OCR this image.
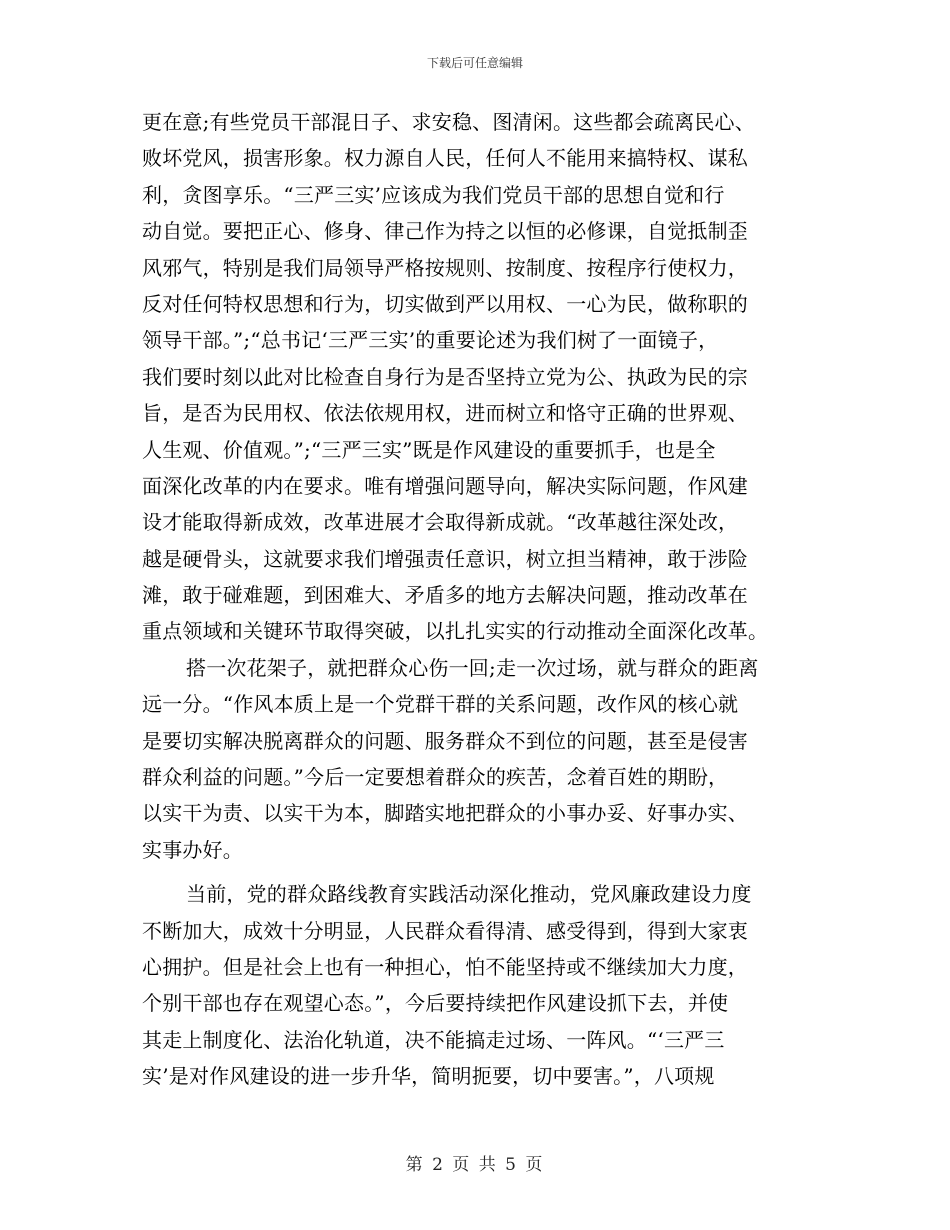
下载后可任意编辑
更在意;有些党员干部混日子、求安稳、图清闲。这些都会疏离民心、
败坏党风，损害形象。权力源自人民，任何人不能用来搞特权、谋私
利，贪图享乐。“三严三实’应该成为我们党员干部的思想自觉和行
动自觉。要把正心、修身、律己作为持之以恒的必修课，自觉抵制歪
风邪气，特别是我们局领导严格按规则、按制度、按程序行使权力，
反对任何特权思想和行为，切实做到严以用权、一心为民，做称职的
领导干部。”;“总书记‘三严三实’的重要论述为我们树了一面镜子，
我们要时刻以此对比检查自身行为是否坚持立党为公、执政为民的宗
旨，是否为民用权、依法依规用权，进而树立和恪守正确的世界观、
人生观、价值观。”;“三严三实”既是作风建设的重要抓手，也是全
面深化改革的内在要求。唯有增强问题导向，解决实际问题，作风建
设才能取得新成效，改革进展才会取得新成就。“改革越往深处改，
越是硬骨头，这就要求我们增强责任意识，树立担当精神，敢于涉险
滩，敢于碰难题，到困难大、矛盾多的地方去解决问题，推动改革在
重点领域和关键环节取得突破，以扎扎实实的行动推动全面深化改革。
搭一次花架子，就把群众心伤一回;走一次过场，就与群众的距离
远一分。“作风本质上是一个党群干群的关系问题，改作风的核心就
是要切实解决脱离群众的问题、服务群众不到位的问题，甚至是侵害
群众利益的问题。”今后一定要想着群众的疾苦，念着百姓的期盼，
以实干为责、以实干为本，脚踏实地把群众的小事办妥、好事办实、
实事办好。
当前，党的群众路线教育实践活动深化推动，党风廉政建设力度
不断加大，成效十分明显，人民群众看得清、感受得到，得到大家衷
心拥护。但是社会上也有一种担心，怕不能坚持或不继续加大力度，
个别干部也存在观望心态。”，今后要持续把作风建设抓下去，并使
其走上制度化、法治化轨道，决不能搞走过场、一阵风。“‘三严三
实’是对作风建设的进一步升华，简明扼要，切中要害。”，八项规
第 2 页 共 5 页
